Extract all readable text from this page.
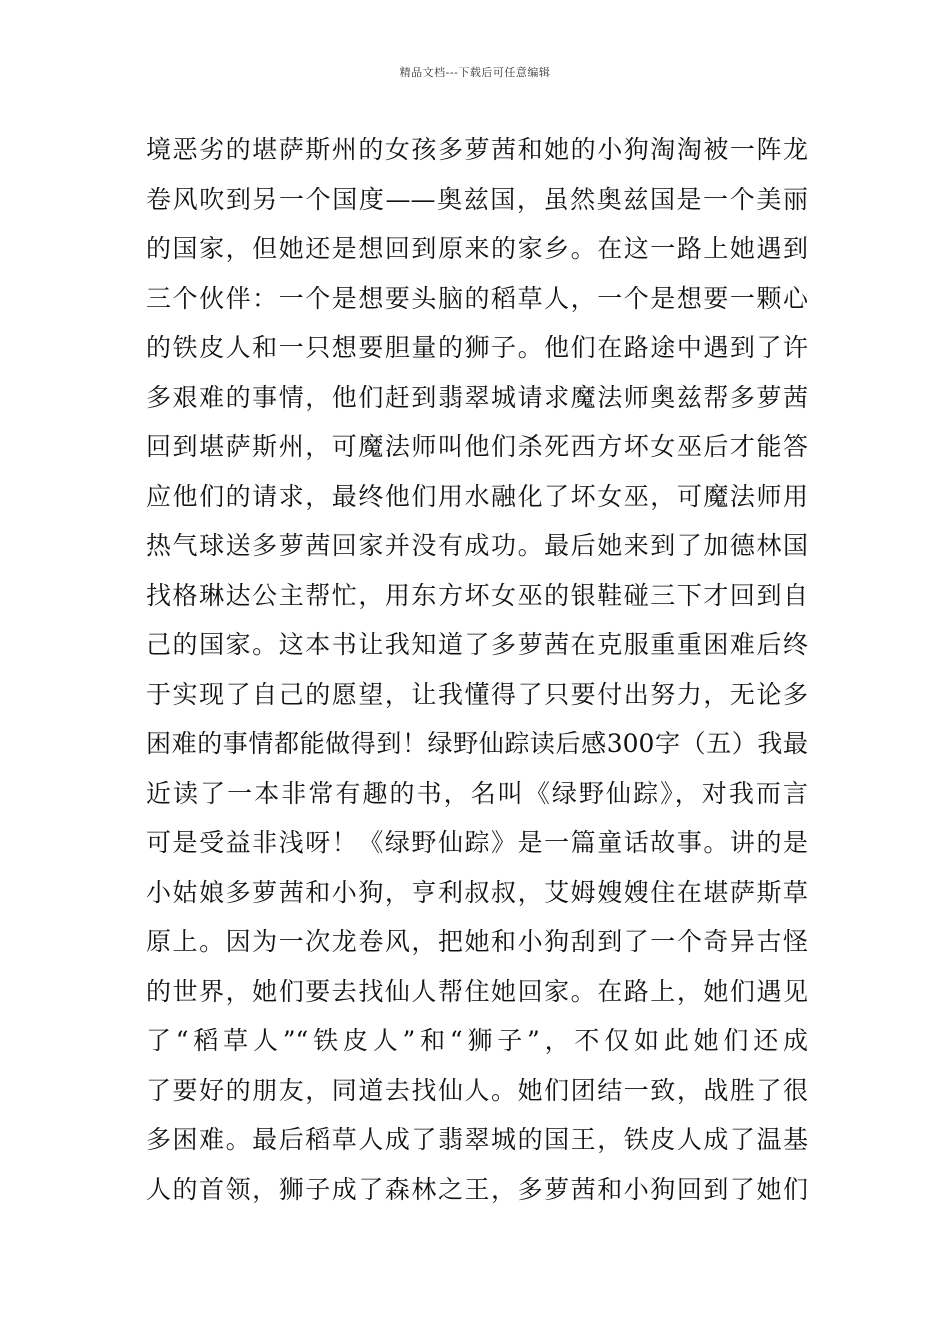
精品文档---下载后可任意编辑
境恶劣的堪萨斯州的女孩多萝茜和她的小狗淘淘被一阵龙
卷风吹到另一个国度——奥兹国，虽然奥兹国是一个美丽
的国家，但她还是想回到原来的家乡。在这一路上她遇到
三个伙伴：一个是想要头脑的稻草人，一个是想要一颗心
的铁皮人和一只想要胆量的狮子。他们在路途中遇到了许
多艰难的事情，他们赶到翡翠城请求魔法师奥兹帮多萝茜
回到堪萨斯州，可魔法师叫他们杀死西方坏女巫后才能答
应他们的请求，最终他们用水融化了坏女巫，可魔法师用
热气球送多萝茜回家并没有成功。最后她来到了加德林国
找格琳达公主帮忙，用东方坏女巫的银鞋碰三下才回到自
己的国家。这本书让我知道了多萝茜在克服重重困难后终
于实现了自己的愿望，让我懂得了只要付出努力，无论多
困难的事情都能做得到！绿野仙踪读后感300字（五）我最
近读了一本非常有趣的书，名叫《绿野仙踪》，对我而言
可是受益非浅呀！《绿野仙踪》是一篇童话故事。讲的是
小姑娘多萝茜和小狗，亨利叔叔，艾姆嫂嫂住在堪萨斯草
原上。因为一次龙卷风，把她和小狗刮到了一个奇异古怪
的世界，她们要去找仙人帮住她回家。在路上，她们遇见
了“稻草人”“铁皮人”和“狮子”，不仅如此她们还成
了要好的朋友，同道去找仙人。她们团结一致，战胜了很
多困难。最后稻草人成了翡翠城的国王，铁皮人成了温基
人的首领，狮子成了森林之王，多萝茜和小狗回到了她们
